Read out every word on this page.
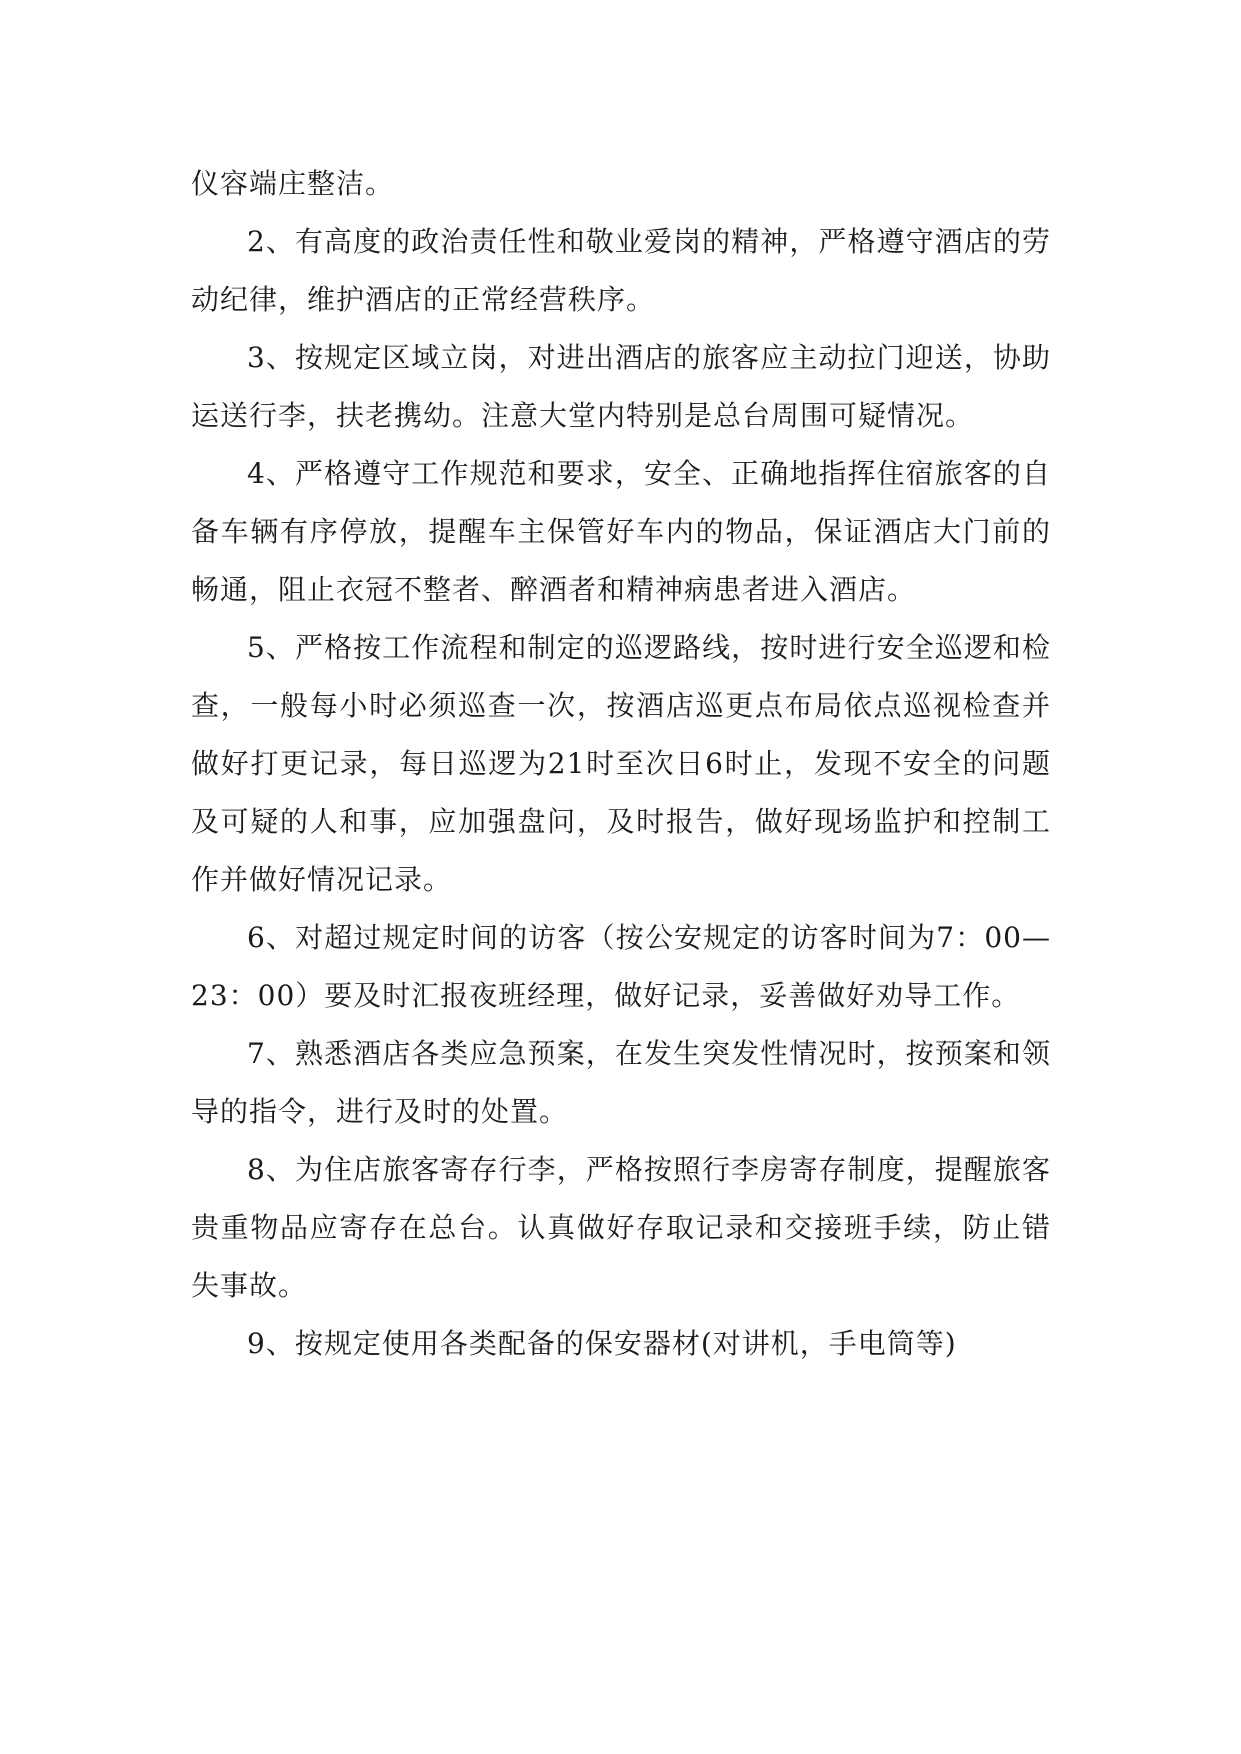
仪容端庄整洁。

2、有高度的政治责任性和敬业爱岗的精神，严格遵守酒店的劳动纪律，维护酒店的正常经营秩序。

3、按规定区域立岗，对进出酒店的旅客应主动拉门迎送，协助运送行李，扶老携幼。注意大堂内特别是总台周围可疑情况。

4、严格遵守工作规范和要求，安全、正确地指挥住宿旅客的自备车辆有序停放，提醒车主保管好车内的物品，保证酒店大门前的畅通，阻止衣冠不整者、醉酒者和精神病患者进入酒店。

5、严格按工作流程和制定的巡逻路线，按时进行安全巡逻和检查，一般每小时必须巡查一次，按酒店巡更点布局依点巡视检查并做好打更记录，每日巡逻为21时至次日6时止，发现不安全的问题及可疑的人和事，应加强盘问，及时报告，做好现场监护和控制工作并做好情况记录。

6、对超过规定时间的访客（按公安规定的访客时间为7：00—23：00）要及时汇报夜班经理，做好记录，妥善做好劝导工作。

7、熟悉酒店各类应急预案，在发生突发性情况时，按预案和领导的指令，进行及时的处置。

8、为住店旅客寄存行李，严格按照行李房寄存制度，提醒旅客贵重物品应寄存在总台。认真做好存取记录和交接班手续，防止错失事故。

9、按规定使用各类配备的保安器材(对讲机，手电筒等)
